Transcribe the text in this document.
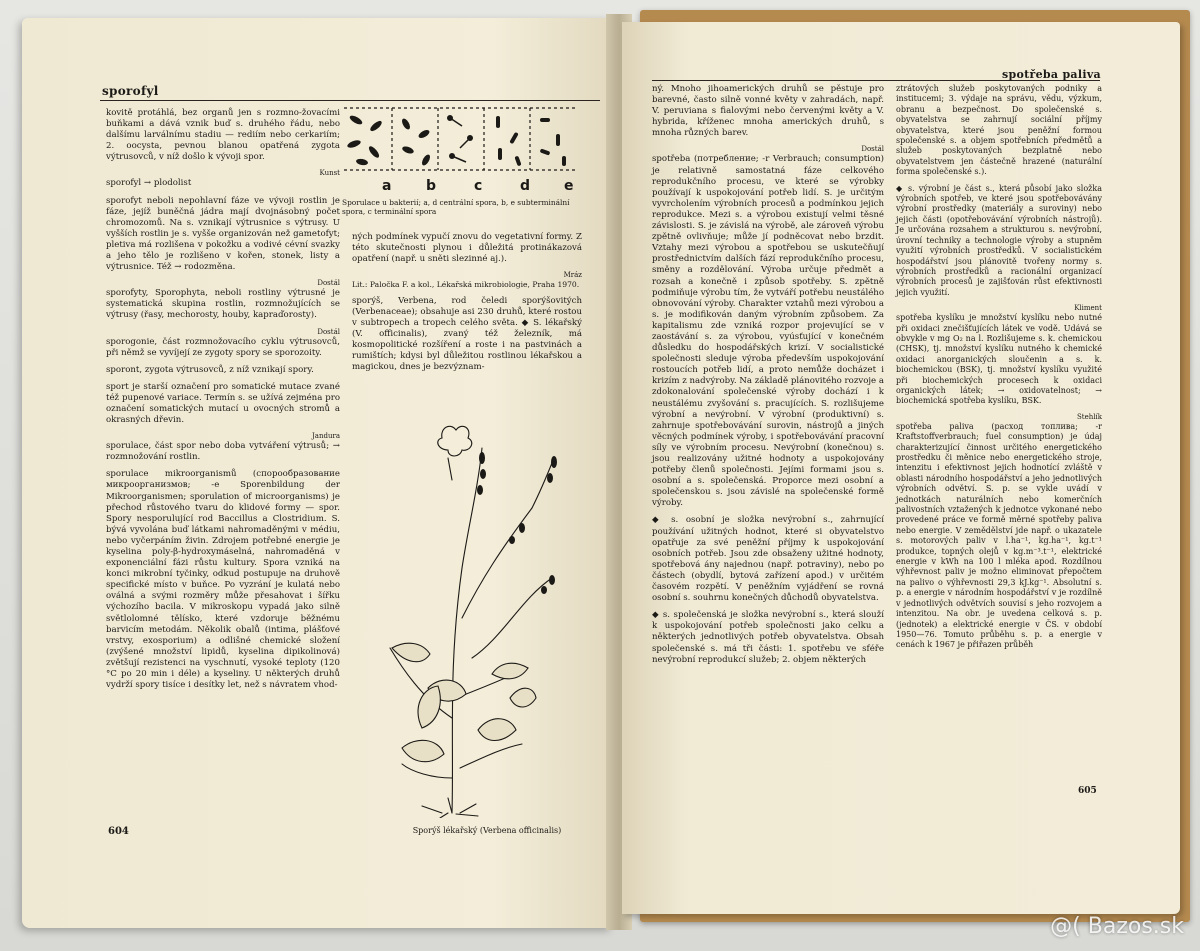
sporofyl

kovitě protáhlá, bez organů jen s rozmno-žovacími buňkami a dává vznik buď s. druhého řádu, nebo dalšímu larválnímu stadiu — rediím nebo cerkariím; 2. oocysta, pevnou blanou opatřená zygota výtrusovců, v níž došlo k vývoji spor.

Kunst

sporofyl → plodolist

sporofyt neboli nepohlavní fáze ve vývoji rostlin je fáze, jejíž buněčná jádra mají dvojnásobný počet chromozomů. Na s. vznikají výtrusnice s výtrusy. U vyšších rostlin je s. vyšše organizován než gametofyt; pletiva má rozlišena v pokožku a vodivé cévní svazky a jeho tělo je rozlišeno v kořen, stonek, listy a výtrusnice. Též → rodozměna.

Dostál

sporofyty, Sporophyta, neboli rostliny výtrusné je systematická skupina rostlin, rozmnožujících se výtrusy (řasy, mechorosty, houby, kapraďorosty).

Dostál

sporogonie, část rozmnožovacího cyklu výtrusovců, při němž se vyvíjejí ze zygoty spory se sporozoity.

sporont, zygota výtrusovců, z níž vznikají spory.

sport je starší označení pro somatické mutace zvané též pupenové variace. Termín s. se užívá zejména pro označení somatických mutací u ovocných stromů a okrasných dřevin.

Jandura

sporulace, část spor nebo doba vytváření výtrusů; → rozmnožování rostlin.

sporulace mikroorganismů (спорообразование микроорганизмов; -е Sporenbildung der Mikroorganismen; sporulation of microorganisms) je přechod růstového tvaru do klidové formy — spor. Spory nesporulující rod Baccillus a Clostridium. S. bývá vyvolána buď látkami nahromaděnými v médiu, nebo vyčerpáním živin. Zdrojem potřebné energie je kyselina poly-β-hydroxymáselná, nahromaděná v exponenciální fázi růstu kultury. Spora vzniká na konci mikrobní tyčinky, odkud postupuje na druhově specifické místo v buňce. Po vyzrání je kulatá nebo oválná a svými rozměry může přesahovat i šířku výchozího bacila. V mikroskopu vypadá jako silně světlolomné tělísko, které vzdoruje běžnému barvicím metodám. Několik obalů (intima, plášťové vrstvy, exosporium) a odlišné chemické složení (zvýšené množství lipidů, kyselina dipikolinová) zvětšují rezistenci na vyschnutí, vysoké teploty (120 °C po 20 min i déle) a kyseliny. U některých druhů vydrží spory tisíce i desítky let, než s návratem vhod-

a b	c	d e
Sporulace u bakterií; a, d centrální spora, b, e subterminální spora, c terminální spora

ných podmínek vypučí znovu do vegetativní formy. Z této skutečnosti plynou i důležitá protinákazová opatření (např. u sněti slezinné aj.).

Mráz

Lit.: Paločka F. a kol., Lékařská mikrobiologie, Praha 1970.

sporýš, Verbena, rod čeledi sporýšovitých (Verbenaceae); obsahuje asi 230 druhů, které rostou v subtropech a tropech celého světa. ◆ S. lékařský (V. officinalis), zvaný též železník, má kosmopolitické rozšíření a roste i na pastvinách a rumištích; kdysi byl důležitou rostlinou lékařskou a magickou, dnes je bezvýznam-

Sporýš lékařský (Verbena officinalis)
604
spotřeba paliva

ný. Mnoho jihoamerických druhů se pěstuje pro barevné, často silně vonné květy v zahradách, např. V. peruviana s fialovými nebo červenými květy a V. hybrida, kříženec mnoha amerických druhů, s mnoha různých barev.

Dostál

spotřeba (потребление; -r Verbrauch; consumption) je relativně samostatná fáze celkového reprodukčního procesu, ve které se výrobky používají k uspokojování potřeb lidí. S. je určitým vyvrcholením výrobních procesů a podmínkou jejich reprodukce. Mezi s. a výrobou existují velmi těsné závislosti. S. je závislá na výrobě, ale zároveň výrobu zpětně ovlivňuje; může jí podněcovat nebo brzdit. Vztahy mezi výrobou a spotřebou se uskutečňují prostřednictvím dalších fází reprodukčního procesu, směny a rozdělování. Výroba určuje předmět a rozsah a konečně i způsob spotřeby. S. zpětně podmiňuje výrobu tím, že vytváří potřebu neustálého obnovování výroby. Charakter vztahů mezi výrobou a s. je modifikován daným výrobním způsobem. Za kapitalismu zde vzniká rozpor projevující se v zaostávání s. za výrobou, vyúsťující v konečném důsledku do hospodářských krizí. V socialistické společnosti sleduje výroba především uspokojování rostoucích potřeb lidí, a proto nemůže docházet i krizím z nadvýroby. Na základě plánovitého rozvoje a zdokonalování společenské výroby dochází i k neustálému zvyšování s. pracujících. S. rozlišujeme výrobní a nevýrobní. V výrobní (produktivní) s. zahrnuje spotřebovávání surovin, nástrojů a jiných věcných podmínek výroby, i spotřebovávání pracovní síly ve výrobním procesu. Nevýrobní (konečnou) s. jsou realizovány užitné hodnoty a uspokojovány potřeby členů společnosti. Jejími formami jsou s. osobní a s. společenská. Proporce mezi osobní a společenskou s. jsou závislé na společenské formě výroby.

◆ s. osobní je složka nevýrobní s., zahrnující používání užitných hodnot, které si obyvatelstvo opatřuje za své peněžní příjmy k uspokojování osobních potřeb. Jsou zde obsaženy užitné hodnoty, spotřebová ány najednou (např. potraviny), nebo po částech (obydlí, bytová zařízení apod.) v určitém časovém rozpětí. V peněžním vyjádření se rovná osobní s. souhrnu konečných důchodů obyvatelstva.

◆ s. společenská je složka nevýrobní s., která slouží k uspokojování potřeb společnosti jako celku a některých jednotlivých potřeb obyvatelstva. Obsah společenské s. má tři části: 1. spotřebu ve sféře nevýrobní reprodukcí služeb; 2. objem některých

ztrátových služeb poskytovaných podniky a institucemi; 3. výdaje na správu, vědu, výzkum, obranu a bezpečnost. Do společenské s. obyvatelstva se zahrnují sociální příjmy obyvatelstva, které jsou peněžní formou společenské s. a objem spotřebních předmětů a služeb poskytovaných bezplatně nebo obyvatelstvem jen částečně hrazené (naturální forma společenské s.).

◆ s. výrobní je část s., která působí jako složka výrobních spotřeb, ve které jsou spotřebovávány výrobní prostředky (materiály a suroviny) nebo jejich části (opotřebovávání výrobních nástrojů). Je určována rozsahem a strukturou s. nevýrobní, úrovní techniky a technologie výroby a stupněm využití výrobních prostředků. V socialistickém hospodářství jsou plánovitě tvořeny normy s. výrobních prostředků a racionální organizací výrobních procesů je zajišťován růst efektivnosti jejich využití.

Kliment

spotřeba kyslíku je množství kyslíku nebo nutné při oxidaci znečišťujících látek ve vodě. Udává se obvykle v mg O₂ na l. Rozlišujeme s. k. chemickou (CHSK), tj. množství kyslíku nutného k chemické oxidaci anorganických sloučenin a s. k. biochemickou (BSK), tj. množství kyslíku využité při biochemických procesech k oxidaci organických látek; → oxidovatelnost; → biochemická spotřeba kyslíku, BSK.

Stehlík

spotřeba paliva (расход топлива; -r Kraftstoffverbrauch; fuel consumption) je údaj charakterizující činnost určitého energetického prostředku či měnice nebo energetického stroje, intenzitu i efektivnost jejich hodnotící zvláště v oblasti národního hospodářství a jeho jednotlivých výrobních odvětví. S. p. se vykle uvádí v jednotkách naturálních nebo komerčních palivostních vztažených k jednotce vykonané nebo provedené práce ve formě měrné spotřeby paliva nebo energie. V zemědělství jde např. o ukazatele s. motorových paliv v l.ha⁻¹, kg.ha⁻¹, kg.t⁻¹ produkce, topných olejů v kg.m⁻³.t⁻¹, elektrické energie v kWh na 100 l mléka apod. Rozdílnou výhřevnost paliv je možno eliminovat přepočtem na palivo o výhřevnosti 29,3 kJ.kg⁻¹. Absolutní s. p. a energie v národním hospodářství v je rozdílně v jednotlivých odvětvích souvisí s jeho rozvojem a intenzitou. Na obr. je uvedena celková s. p. (jednotek) a elektrické energie v ČS. v období 1950—76. Tomuto průběhu s. p. a energie v cenách k 1967 je přiřazen průběh

605
@( Bazos.sk
